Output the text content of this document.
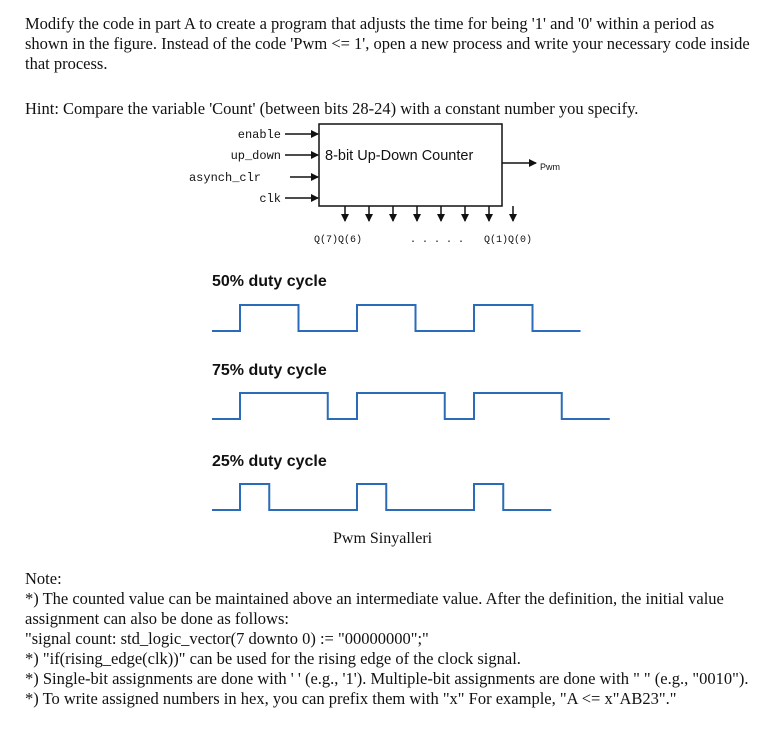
Modify the code in part A to create a program that adjusts the time for being '1' and '0' within a period as shown in the figure. Instead of the code 'Pwm <= 1', open a new process and write your necessary code inside that process.

Hint: Compare the variable 'Count' (between bits 28-24) with a constant number you specify.

enable
up_down
asynch_clr
clk
8-bit Up-Down Counter
Pwm
Q(7)Q(6)	. . . . . Q(1)Q(0)
50% duty cycle
75% duty cycle
25% duty cycle
Pwm Sinyalleri

Note:

*) The counted value can be maintained above an intermediate value. After the definition, the initial value assignment can also be done as follows:

"signal count: std_logic_vector(7 downto 0) := "00000000";"

*) "if(rising_edge(clk))" can be used for the rising edge of the clock signal.

*) Single-bit assignments are done with ' ' (e.g., '1'). Multiple-bit assignments are done with " " (e.g., "0010").

*) To write assigned numbers in hex, you can prefix them with "x" For example, "A <= x"AB23"."
